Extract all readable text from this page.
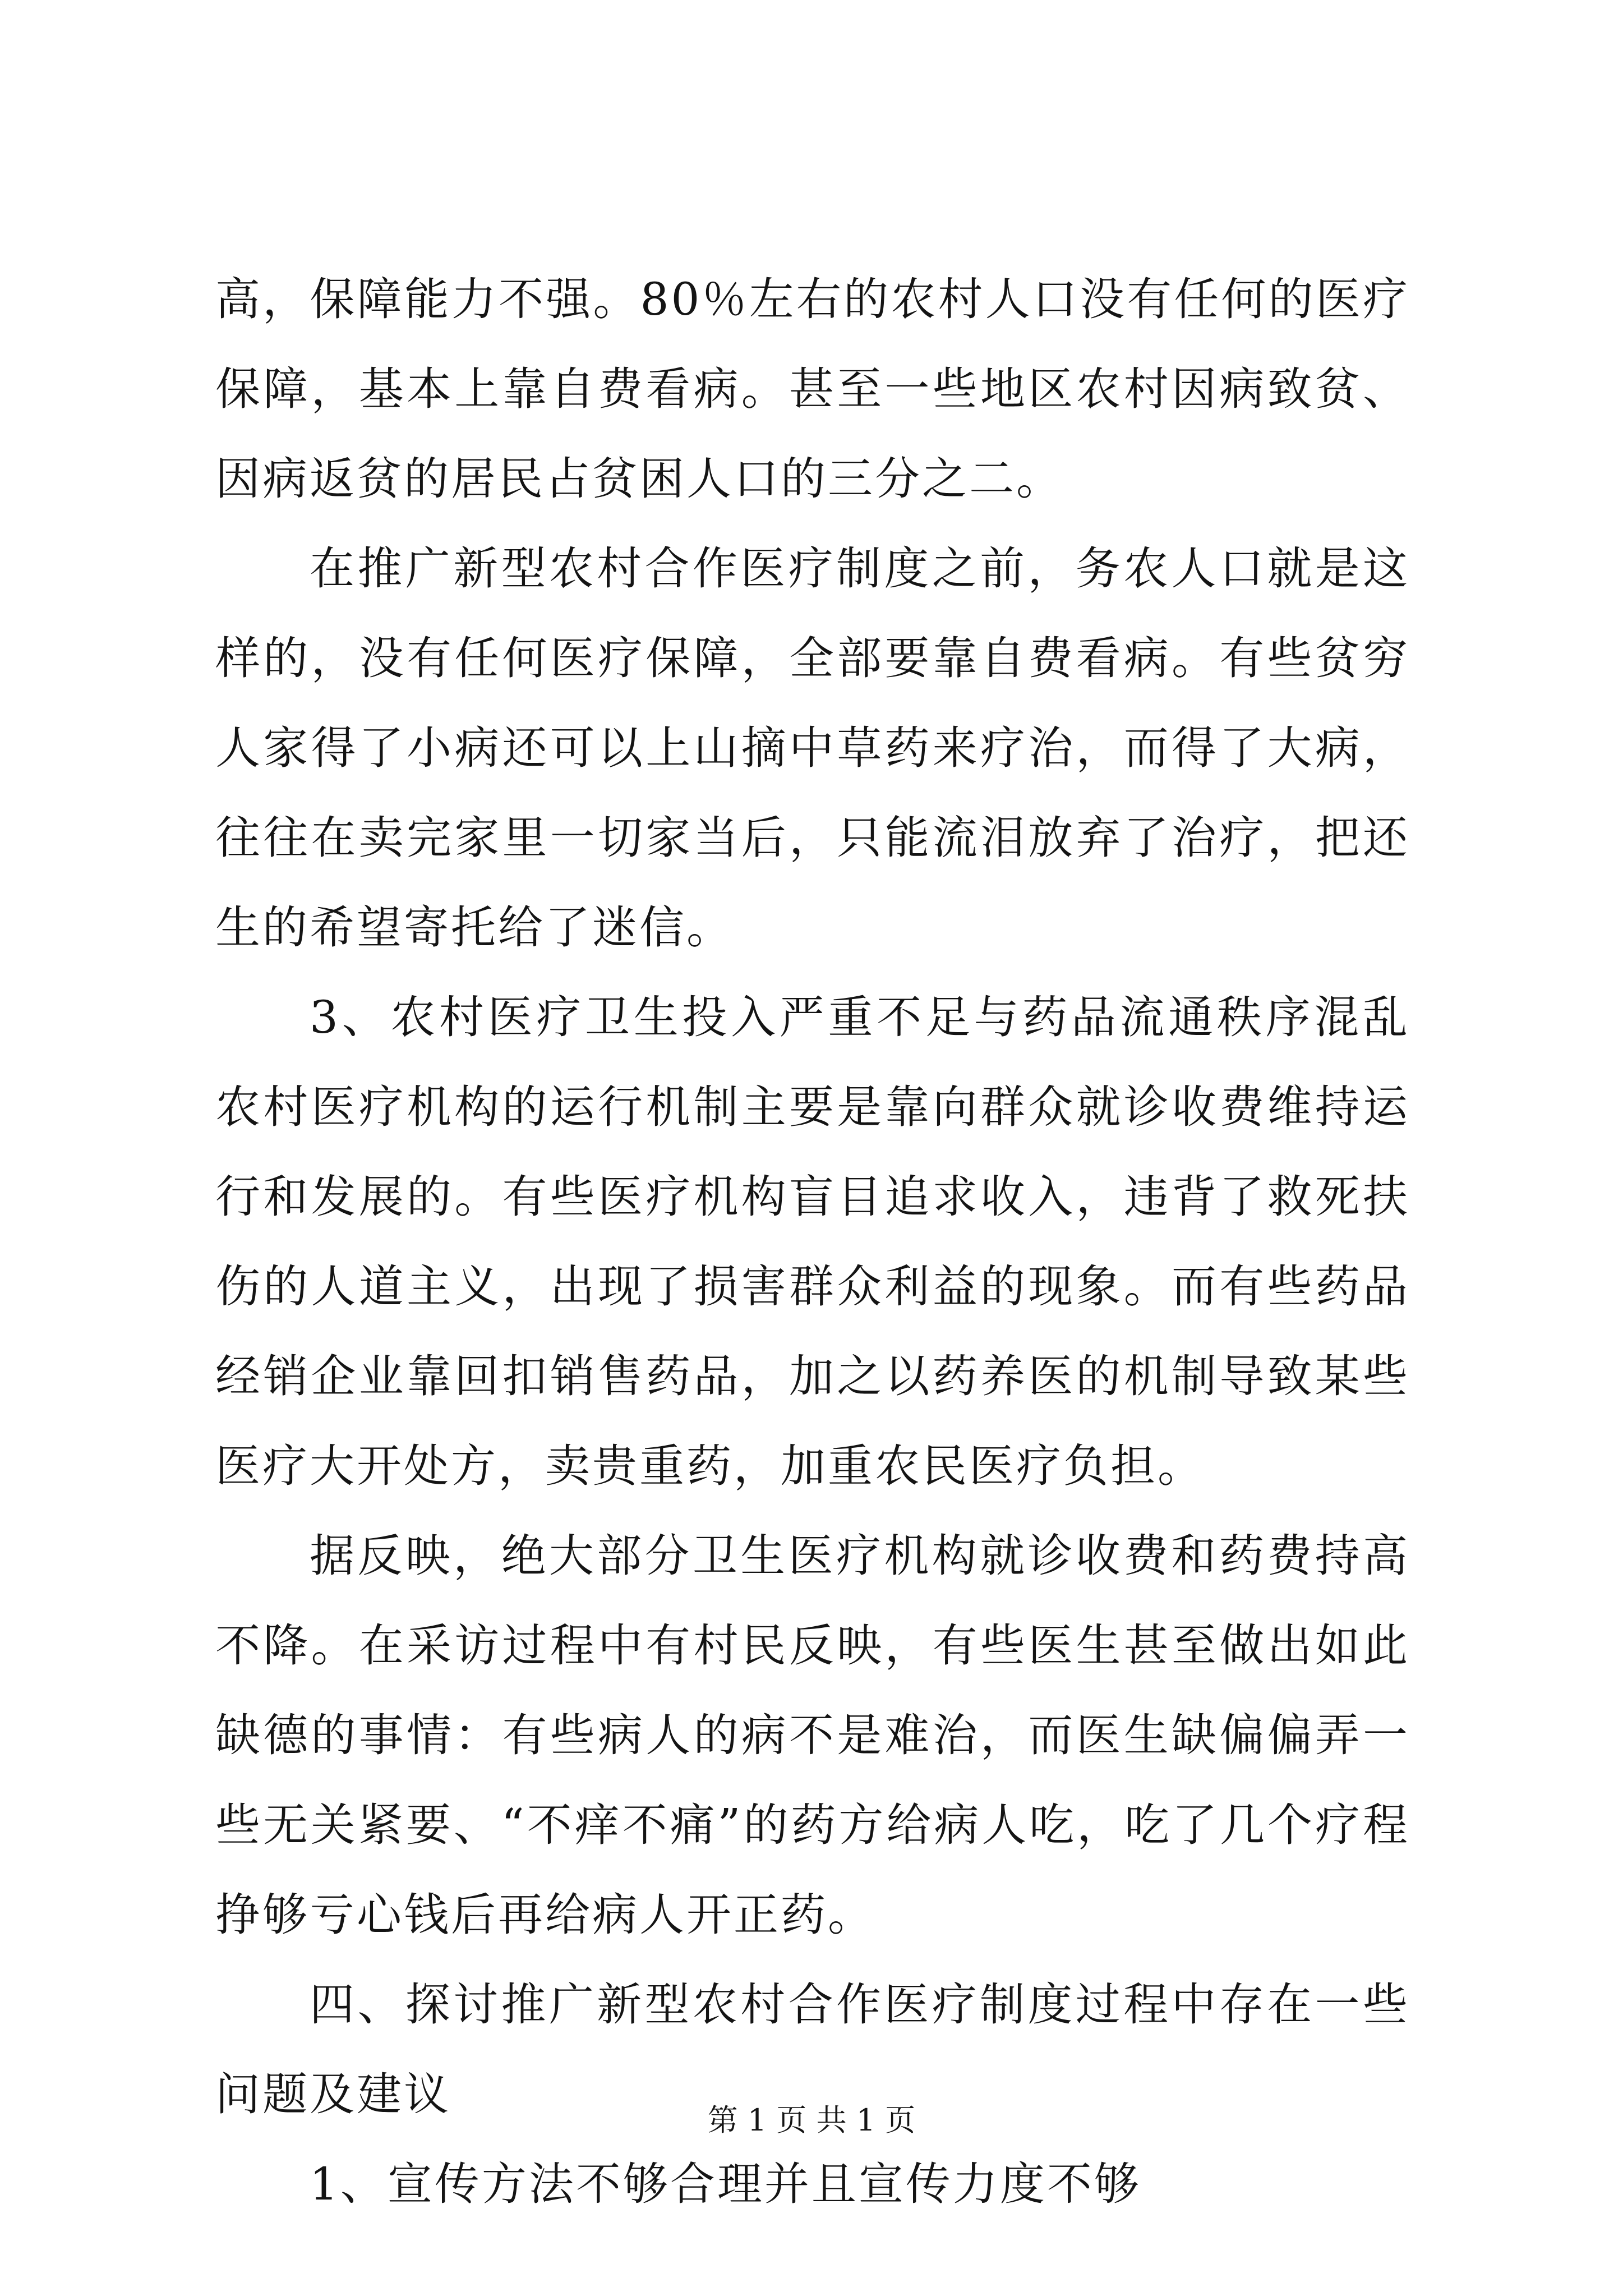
高，保障能力不强。80％左右的农村人口没有任何的医疗保障，基本上靠自费看病。甚至一些地区农村因病致贫、因病返贫的居民占贫困人口的三分之二。

在推广新型农村合作医疗制度之前，务农人口就是这样的，没有任何医疗保障，全部要靠自费看病。有些贫穷人家得了小病还可以上山摘中草药来疗治，而得了大病，往往在卖完家里一切家当后，只能流泪放弃了治疗，把还生的希望寄托给了迷信。

3、农村医疗卫生投入严重不足与药品流通秩序混乱农村医疗机构的运行机制主要是靠向群众就诊收费维持运行和发展的。有些医疗机构盲目追求收入，违背了救死扶伤的人道主义，出现了损害群众利益的现象。而有些药品经销企业靠回扣销售药品，加之以药养医的机制导致某些医疗大开处方，卖贵重药，加重农民医疗负担。

据反映，绝大部分卫生医疗机构就诊收费和药费持高不降。在采访过程中有村民反映，有些医生甚至做出如此缺德的事情：有些病人的病不是难治，而医生缺偏偏弄一些无关紧要、“不痒不痛”的药方给病人吃，吃了几个疗程挣够亏心钱后再给病人开正药。

四、探讨推广新型农村合作医疗制度过程中存在一些问题及建议

1、宣传方法不够合理并且宣传力度不够

第 1 页 共 1 页
